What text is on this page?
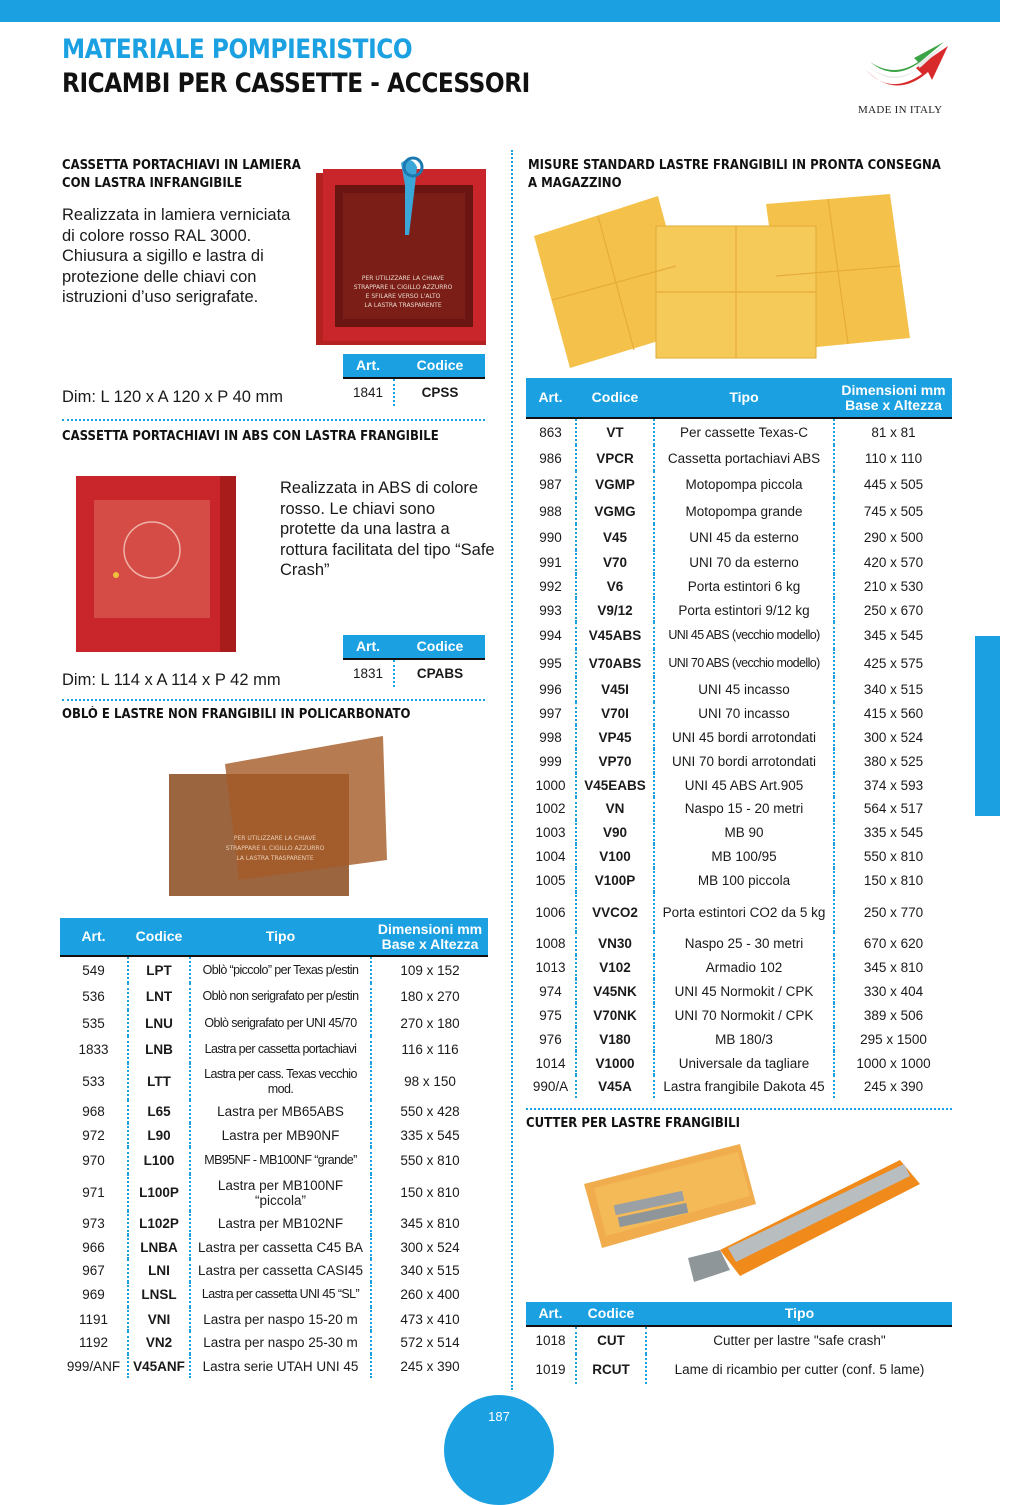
MATERIALE POMPIERISTICO
RICAMBI PER CASSETTE - ACCESSORI
MADE IN ITALY
CASSETTA PORTACHIAVI IN LAMIERA
CON LASTRA INFRANGIBILE
Realizzata in lamiera verniciata di colore rosso RAL 3000. Chiusura a sigillo e lastra di protezione delle chiavi con istruzioni d’uso serigrafate.
PER UTILIZZARE LA CHIAVE
STRAPPARE IL CIGILLO AZZURRO
E SFILARE VERSO L'ALTO
LA LASTRA TRASPARENTE
Dim: L 120 x A 120 x P 40 mm
Art.	Codice
1841	CPSS
CASSETTA PORTACHIAVI IN ABS CON LASTRA FRANGIBILE
Realizzata in ABS di colore rosso. Le chiavi sono protette da una lastra a rottura facilitata del tipo “Safe Crash”
Dim: L 114 x A 114 x P 42 mm
Art.	Codice
1831	CPABS
OBLÒ E LASTRE NON FRANGIBILI IN POLICARBONATO
PER UTILIZZARE LA CHIAVE
STRAPPARE IL CIGILLO AZZURRO
LA LASTRA TRASPARENTE
Art.	Codice	Tipo	Dimensioni mm Base x Altezza
549	LPT	Oblò “piccolo” per Texas p/estin	109 x 152
536	LNT	Oblò non serigrafato per p/estin	180 x 270
535	LNU	Oblò serigrafato per UNI 45/70	270 x 180
1833	LNB	Lastra per cassetta portachiavi	116 x 116
533	LTT	Lastra per cass. Texas vecchio mod.	98 x 150
968	L65	Lastra per MB65ABS	550 x 428
972	L90	Lastra per MB90NF	335 x 545
970	L100	MB95NF - MB100NF “grande”	550 x 810
971	L100P	Lastra per MB100NF “piccola”	150 x 810
973	L102P	Lastra per MB102NF	345 x 810
966	LNBA	Lastra per cassetta C45 BA	300 x 524
967	LNI	Lastra per cassetta CASI45	340 x 515
969	LNSL	Lastra per cassetta UNI 45 “SL”	260 x 400
1191	VNI	Lastra per naspo 15-20 m	473 x 410
1192	VN2	Lastra per naspo 25-30 m	572 x 514
999/ANF	V45ANF	Lastra serie UTAH UNI 45	245 x 390
MISURE STANDARD LASTRE FRANGIBILI IN PRONTA CONSEGNA
A MAGAZZINO
Art.	Codice	Tipo	Dimensioni mm Base x Altezza
863	VT	Per cassette Texas-C	81 x 81
986	VPCR	Cassetta portachiavi ABS	110 x 110
987	VGMP	Motopompa piccola	445 x 505
988	VGMG	Motopompa grande	745 x 505
990	V45	UNI 45 da esterno	290 x 500
991	V70	UNI 70 da esterno	420 x 570
992	V6	Porta estintori 6 kg	210 x 530
993	V9/12	Porta estintori 9/12 kg	250 x 670
994	V45ABS	UNI 45 ABS (vecchio modello)	345 x 545
995	V70ABS	UNI 70 ABS (vecchio modello)	425 x 575
996	V45I	UNI 45 incasso	340 x 515
997	V70I	UNI 70 incasso	415 x 560
998	VP45	UNI 45 bordi arrotondati	300 x 524
999	VP70	UNI 70 bordi arrotondati	380 x 525
1000	V45EABS	UNI 45 ABS Art.905	374 x 593
1002	VN	Naspo 15 - 20 metri	564 x 517
1003	V90	MB 90	335 x 545
1004	V100	MB 100/95	550 x 810
1005	V100P	MB 100 piccola	150 x 810
1006	VVCO2	Porta estintori CO2 da 5 kg	250 x 770
1008	VN30	Naspo 25 - 30 metri	670 x 620
1013	V102	Armadio 102	345 x 810
974	V45NK	UNI 45 Normokit / CPK	330 x 404
975	V70NK	UNI 70 Normokit / CPK	389 x 506
976	V180	MB 180/3	295 x 1500
1014	V1000	Universale da tagliare	1000 x 1000
990/A	V45A	Lastra frangibile Dakota 45	245 x 390
CUTTER PER LASTRE FRANGIBILI
Art.	Codice	Tipo
1018	CUT	Cutter per lastre "safe crash"
1019	RCUT	Lame di ricambio per cutter (conf. 5 lame)
187
